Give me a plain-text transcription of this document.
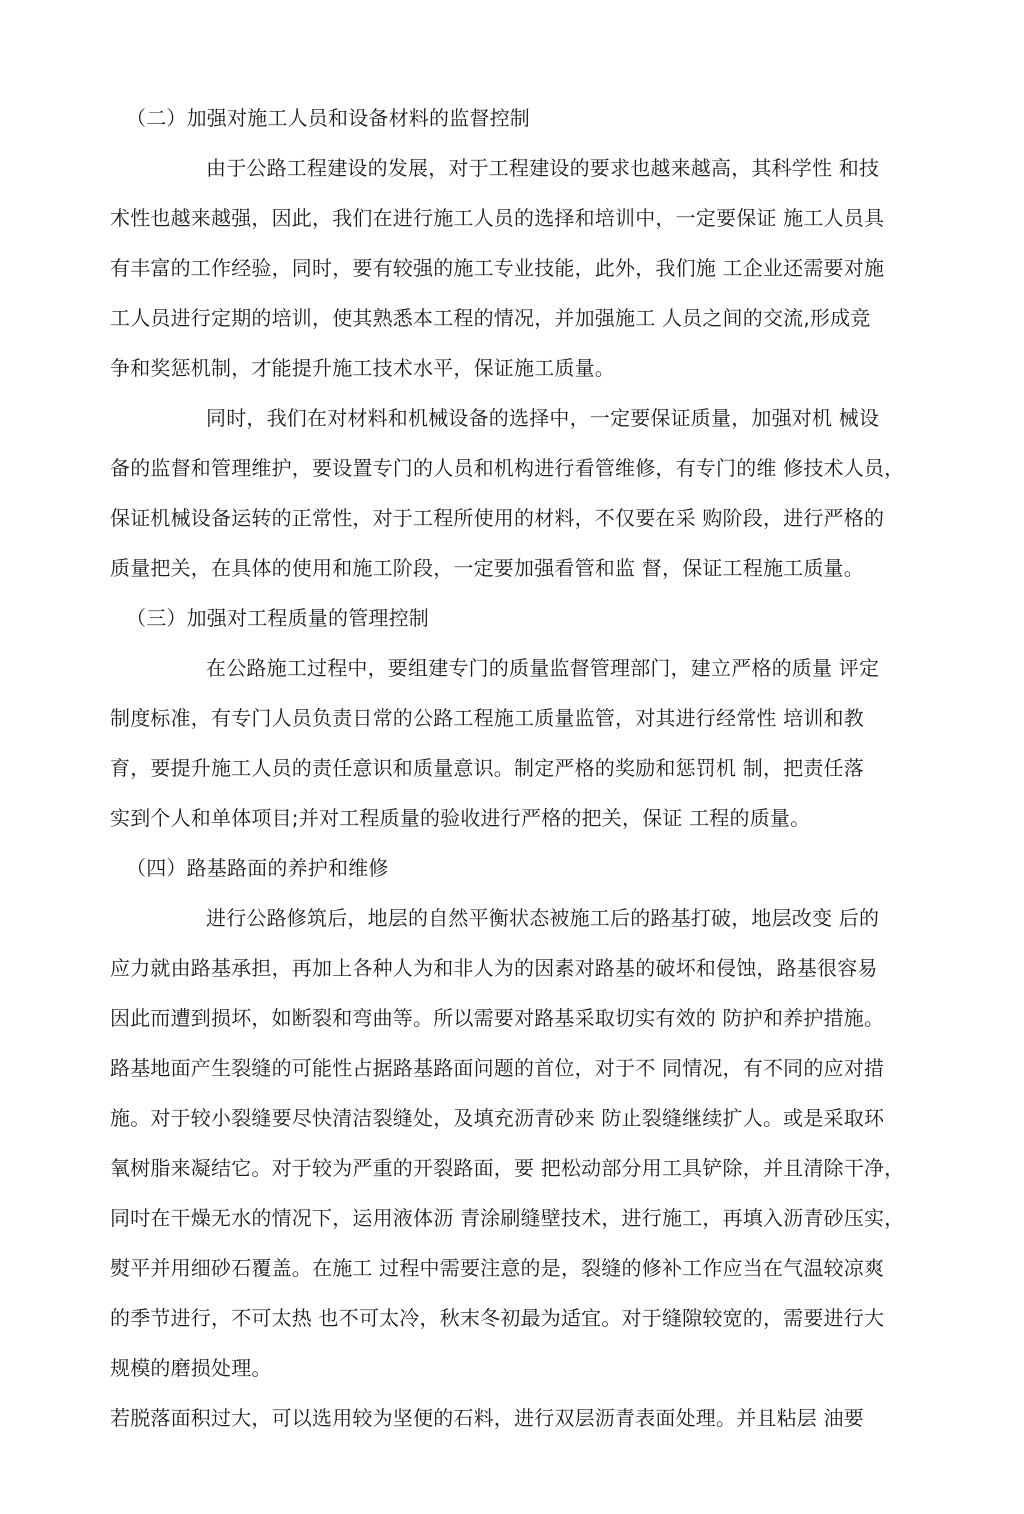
（二）加强对施工人员和设备材料的监督控制
由于公路工程建设的发展，对于工程建设的要求也越来越高，其科学性 和技
术性也越来越强，因此，我们在进行施工人员的选择和培训中，一定要保证 施工人员具
有丰富的工作经验，同时，要有较强的施工专业技能，此外，我们施 工企业还需要对施
工人员进行定期的培训，使其熟悉本工程的情况，并加强施工 人员之间的交流,形成竞
争和奖惩机制，才能提升施工技术水平，保证施工质量。
同时，我们在对材料和机械设备的选择中，一定要保证质量，加强对机 械设
备的监督和管理维护，要设置专门的人员和机构进行看管维修，有专门的维 修技术人员，
保证机械设备运转的正常性，对于工程所使用的材料，不仅要在采 购阶段，进行严格的
质量把关，在具体的使用和施工阶段，一定要加强看管和监 督，保证工程施工质量。
（三）加强对工程质量的管理控制
在公路施工过程中，要组建专门的质量监督管理部门，建立严格的质量 评定
制度标准，有专门人员负责日常的公路工程施工质量监管，对其进行经常性 培训和教
育，要提升施工人员的责任意识和质量意识。制定严格的奖励和惩罚机 制，把责任落
实到个人和单体项目;并对工程质量的验收进行严格的把关，保证 工程的质量。
（四）路基路面的养护和维修
进行公路修筑后，地层的自然平衡状态被施工后的路基打破，地层改变 后的
应力就由路基承担，再加上各种人为和非人为的因素对路基的破坏和侵蚀，路基很容易
因此而遭到损坏，如断裂和弯曲等。所以需要对路基采取切实有效的 防护和养护措施。
路基地面产生裂缝的可能性占据路基路面问题的首位，对于不 同情况，有不同的应对措
施。对于较小裂缝要尽快清洁裂缝处，及填充沥青砂来 防止裂缝继续扩人。或是采取环
氧树脂来凝结它。对于较为严重的开裂路面，要 把松动部分用工具铲除，并且清除干净，
同吋在干燥无水的情况下，运用液体沥 青涂刷缝壁技术，进行施工，再填入沥青砂压实，
熨平并用细砂石覆盖。在施工 过程中需要注意的是，裂缝的修补工作应当在气温较凉爽
的季节进行，不可太热 也不可太冷，秋末冬初最为适宜。对于缝隙较宽的，需要进行大
规模的磨损处理。
若脱落面积过大，可以选用较为坚便的石料，进行双层沥青表面处理。并且粘层 油要
